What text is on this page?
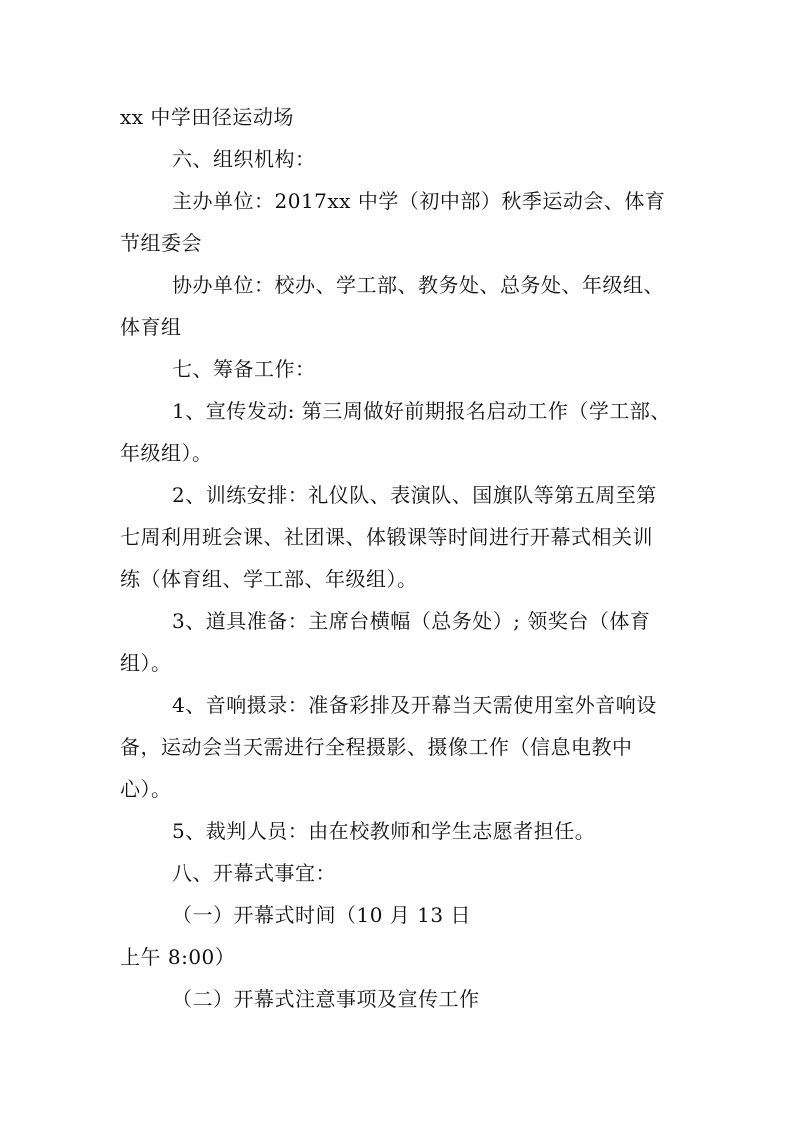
xx 中学田径运动场
六、组织机构：
主办单位：2017xx 中学（初中部）秋季运动会、体育
节组委会
协办单位：校办、学工部、教务处、总务处、年级组、
体育组
七、筹备工作：
1、宣传发动: 第三周做好前期报名启动工作（学工部、
年级组）。
2、训练安排：礼仪队、表演队、国旗队等第五周至第
七周利用班会课、社团课、体锻课等时间进行开幕式相关训
练（体育组、学工部、年级组）。
3、道具准备：主席台横幅（总务处）; 领奖台（体育
组）。
4、音响摄录：准备彩排及开幕当天需使用室外音响设
备，运动会当天需进行全程摄影、摄像工作（信息电教中
心）。
5、裁判人员：由在校教师和学生志愿者担任。
八、开幕式事宜：
（一）开幕式时间（10 月 13 日
上午 8:00）
（二）开幕式注意事项及宣传工作
